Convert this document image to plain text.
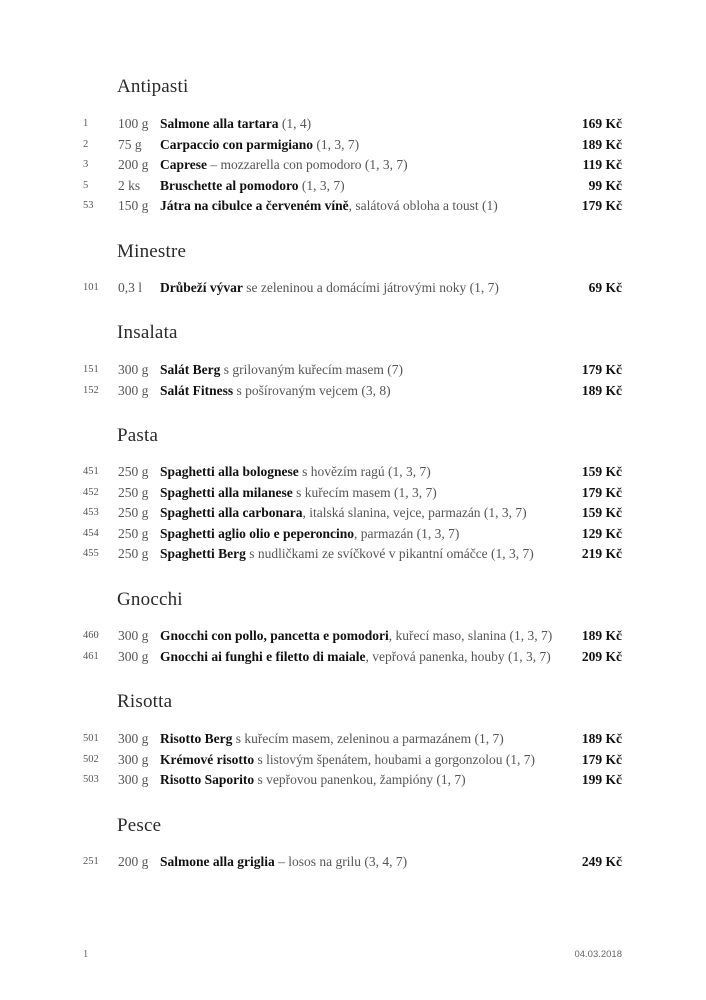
Antipasti
1 100 g Salmone alla tartara (1, 4)	169 Kč
2 75 g Carpaccio con parmigiano (1, 3, 7)	189 Kč
3 200 g Caprese – mozzarella con pomodoro (1, 3, 7)	119 Kč
5 2 ks Bruschette al pomodoro (1, 3, 7)	99 Kč
53 150 g Játra na cibulce a červeném víně, salátová obloha a toust (1)	179 Kč
Minestre
101 0,3 l Drůbeží vývar se zeleninou a domácími játrovými noky (1, 7)	69 Kč
Insalata
151 300 g Salát Berg s grilovaným kuřecím masem (7)	179 Kč
152 300 g Salát Fitness s pošírovaným vejcem (3, 8)	189 Kč
Pasta
451 250 g Spaghetti alla bolognese s hovězím ragú (1, 3, 7)	159 Kč
452 250 g Spaghetti alla milanese s kuřecím masem (1, 3, 7)	179 Kč
453 250 g Spaghetti alla carbonara, italská slanina, vejce, parmazán (1, 3, 7)	159 Kč
454 250 g Spaghetti aglio olio e peperoncino, parmazán (1, 3, 7)	129 Kč
455 250 g Spaghetti Berg s nudličkami ze svíčkové v pikantní omáčce (1, 3, 7)	219 Kč
Gnocchi
460 300 g Gnocchi con pollo, pancetta e pomodori, kuřecí maso, slanina (1, 3, 7) 189 Kč
461 300 g Gnocchi ai funghi e filetto di maiale, vepřová panenka, houby (1, 3, 7) 209 Kč
Risotta
501 300 g Risotto Berg s kuřecím masem, zeleninou a parmazánem (1, 7)	189 Kč
502 300 g Krémové risotto s listovým špenátem, houbami a gorgonzolou (1, 7)	179 Kč
503 300 g Risotto Saporito s vepřovou panenkou, žampióny (1, 7)	199 Kč
Pesce
251 200 g Salmone alla griglia – losos na grilu (3, 4, 7)	249 Kč
1	04.03.2018
